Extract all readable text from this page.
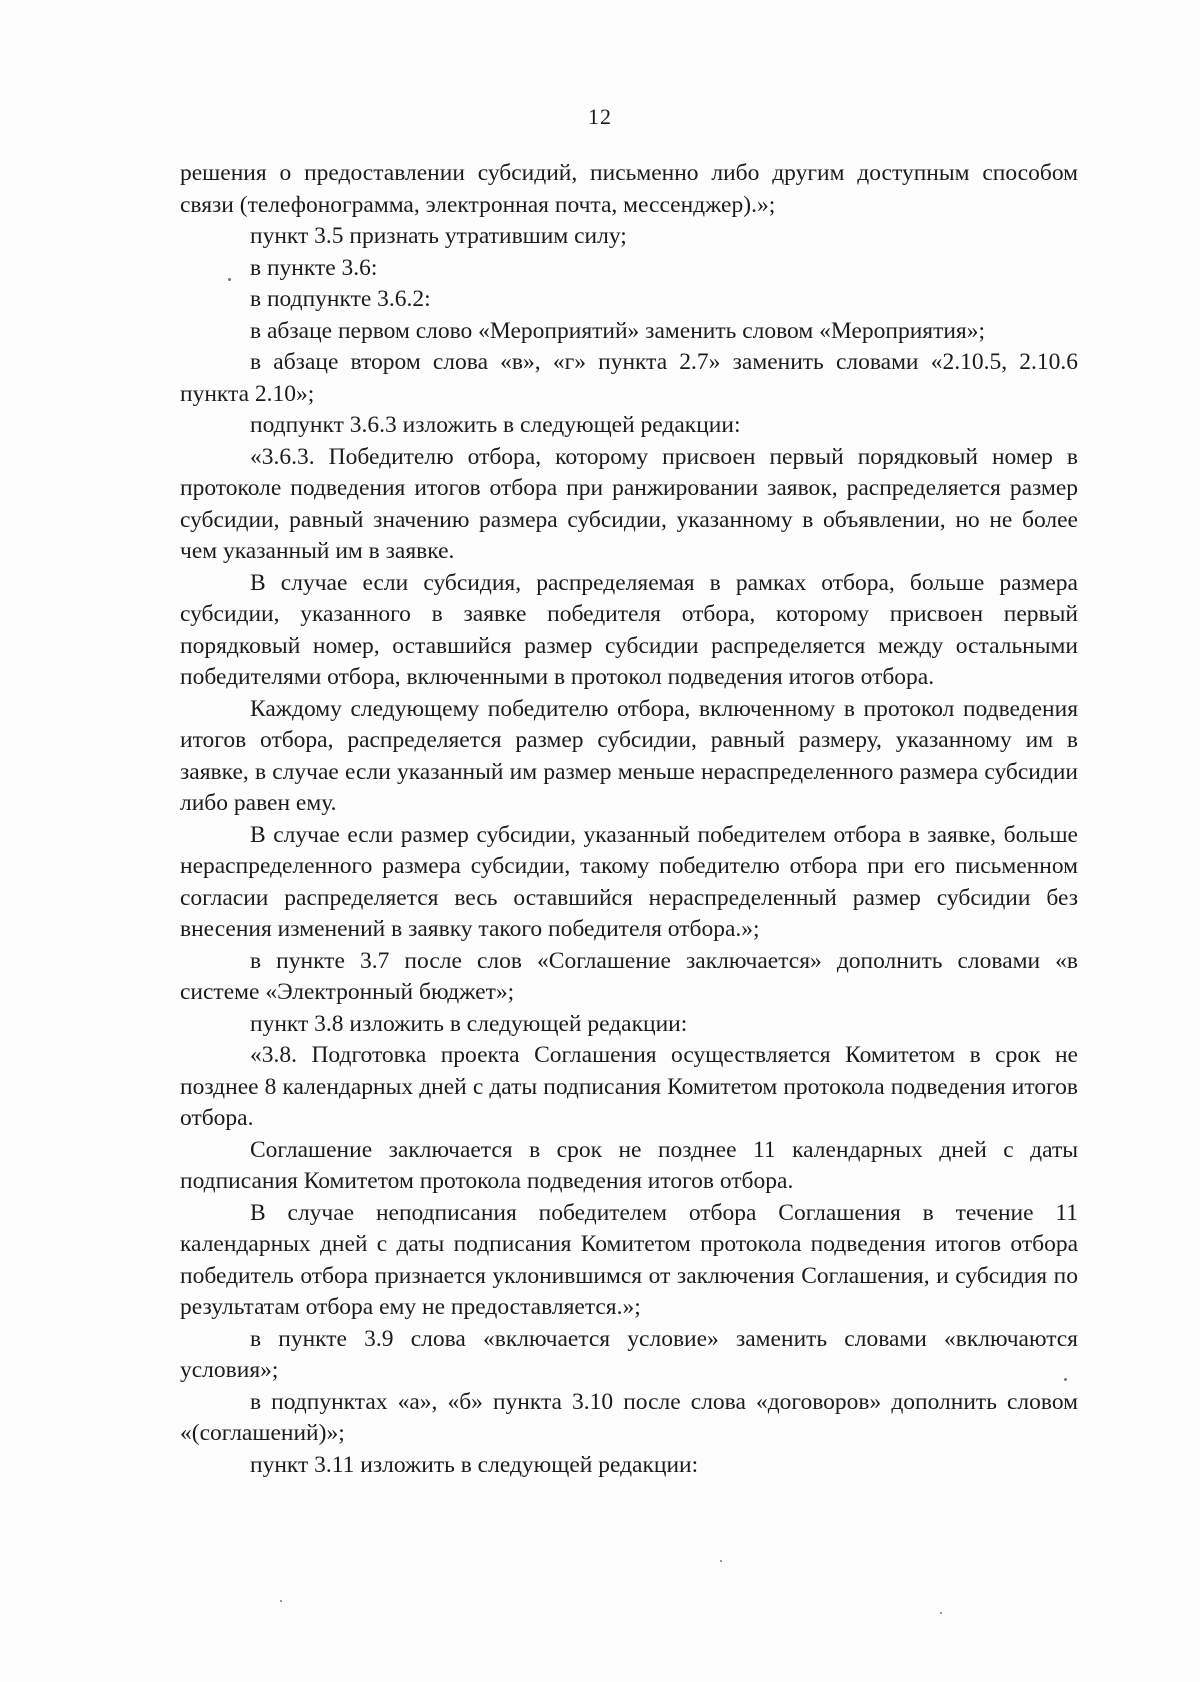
12

решения о предоставлении субсидий, письменно либо другим доступным способом связи (телефонограмма, электронная почта, мессенджер).»;

пункт 3.5 признать утратившим силу;

в пункте 3.6:

в подпункте 3.6.2:

в абзаце первом слово «Мероприятий» заменить словом «Мероприятия»;

в абзаце втором слова «в», «г» пункта 2.7» заменить словами «2.10.5, 2.10.6 пункта 2.10»;

подпункт 3.6.3 изложить в следующей редакции:

«3.6.3. Победителю отбора, которому присвоен первый порядковый номер в протоколе подведения итогов отбора при ранжировании заявок, распределяется размер субсидии, равный значению размера субсидии, указанному в объявлении, но не более чем указанный им в заявке.

В случае если субсидия, распределяемая в рамках отбора, больше размера субсидии, указанного в заявке победителя отбора, которому присвоен первый порядковый номер, оставшийся размер субсидии распределяется между остальными победителями отбора, включенными в протокол подведения итогов отбора.

Каждому следующему победителю отбора, включенному в протокол подведения итогов отбора, распределяется размер субсидии, равный размеру, указанному им в заявке, в случае если указанный им размер меньше нераспределенного размера субсидии либо равен ему.

В случае если размер субсидии, указанный победителем отбора в заявке, больше нераспределенного размера субсидии, такому победителю отбора при его письменном согласии распределяется весь оставшийся нераспределенный размер субсидии без внесения изменений в заявку такого победителя отбора.»;

в пункте 3.7 после слов «Соглашение заключается» дополнить словами «в системе «Электронный бюджет»;

пункт 3.8 изложить в следующей редакции:

«3.8. Подготовка проекта Соглашения осуществляется Комитетом в срок не позднее 8 календарных дней с даты подписания Комитетом протокола подведения итогов отбора.

Соглашение заключается в срок не позднее 11 календарных дней с даты подписания Комитетом протокола подведения итогов отбора.

В случае неподписания победителем отбора Соглашения в течение 11 календарных дней с даты подписания Комитетом протокола подведения итогов отбора победитель отбора признается уклонившимся от заключения Соглашения, и субсидия по результатам отбора ему не предоставляется.»;

в пункте 3.9 слова «включается условие» заменить словами «включаются условия»;

в подпунктах «а», «б» пункта 3.10 после слова «договоров» дополнить словом «(соглашений)»;

пункт 3.11 изложить в следующей редакции:
